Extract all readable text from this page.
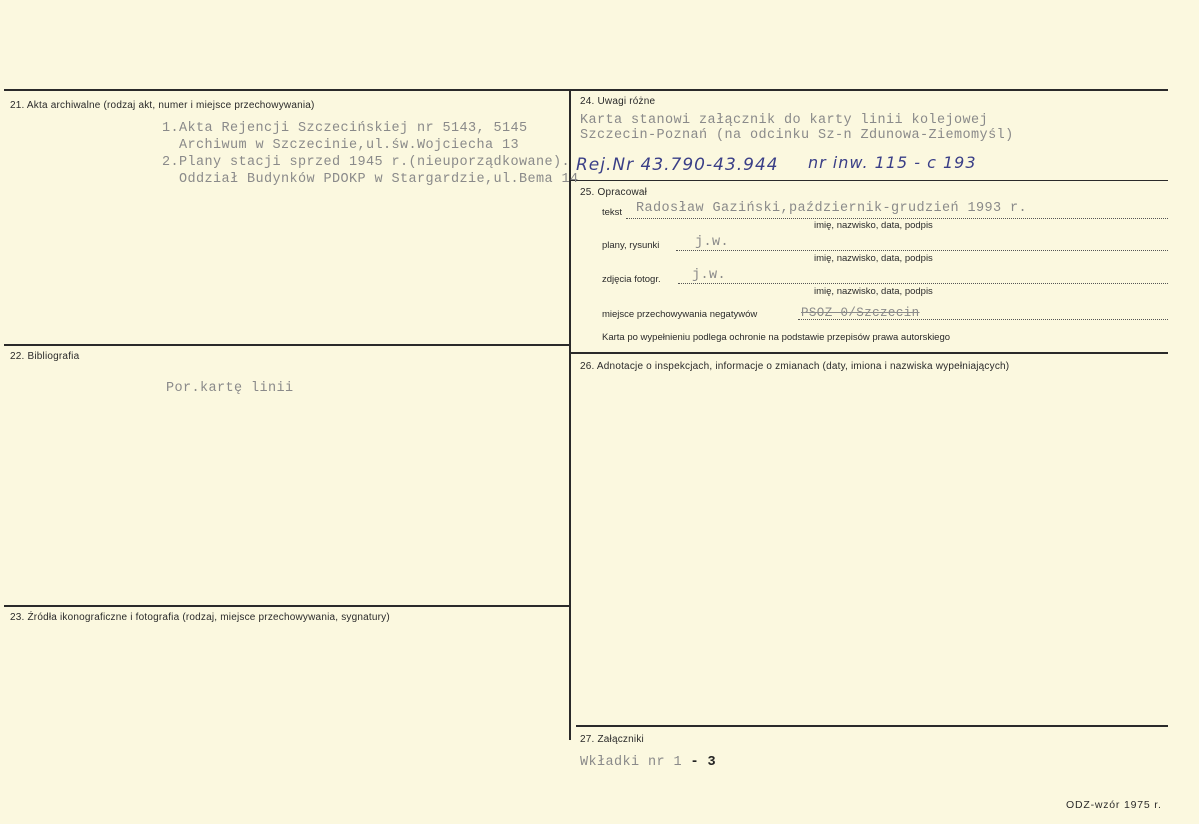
21. Akta archiwalne (rodzaj akt, numer i miejsce przechowywania)
1.Akta Rejencji Szczecińskiej nr 5143, 5145
Archiwum w Szczecinie,ul.św.Wojciecha 13
2.Plany stacji sprzed 1945 r.(nieuporządkowane).
Oddział Budynków PDOKP w Stargardzie,ul.Bema 14
22. Bibliografia
Por.kartę linii
23. Źródła ikonograficzne i fotografia (rodzaj, miejsce przechowywania, sygnatury)
24. Uwagi różne
Karta stanowi załącznik do karty linii kolejowej
Szczecin-Poznań (na odcinku Sz-n Zdunowa-Ziemomyśl)
Rej.Nr 43.790-43.944 nr inw. 115 - c 193
25. Opracował
tekst Radosław Gaziński,październik-grudzień 1993 r.
imię, nazwisko, data, podpis
plany, rysunki	j.w.
imię, nazwisko, data, podpis
zdjęcia fotogr. j.w.
imię, nazwisko, data, podpis
miejsce przechowywania negatywów	PSOZ 0/Szczecin
Karta po wypełnieniu podlega ochronie na podstawie przepisów prawa autorskiego
26. Adnotacje o inspekcjach, informacje o zmianach (daty, imiona i nazwiska wypełniających)
27. Załączniki
Wkładki nr 1 - 3
ODZ-wzór 1975 r.
